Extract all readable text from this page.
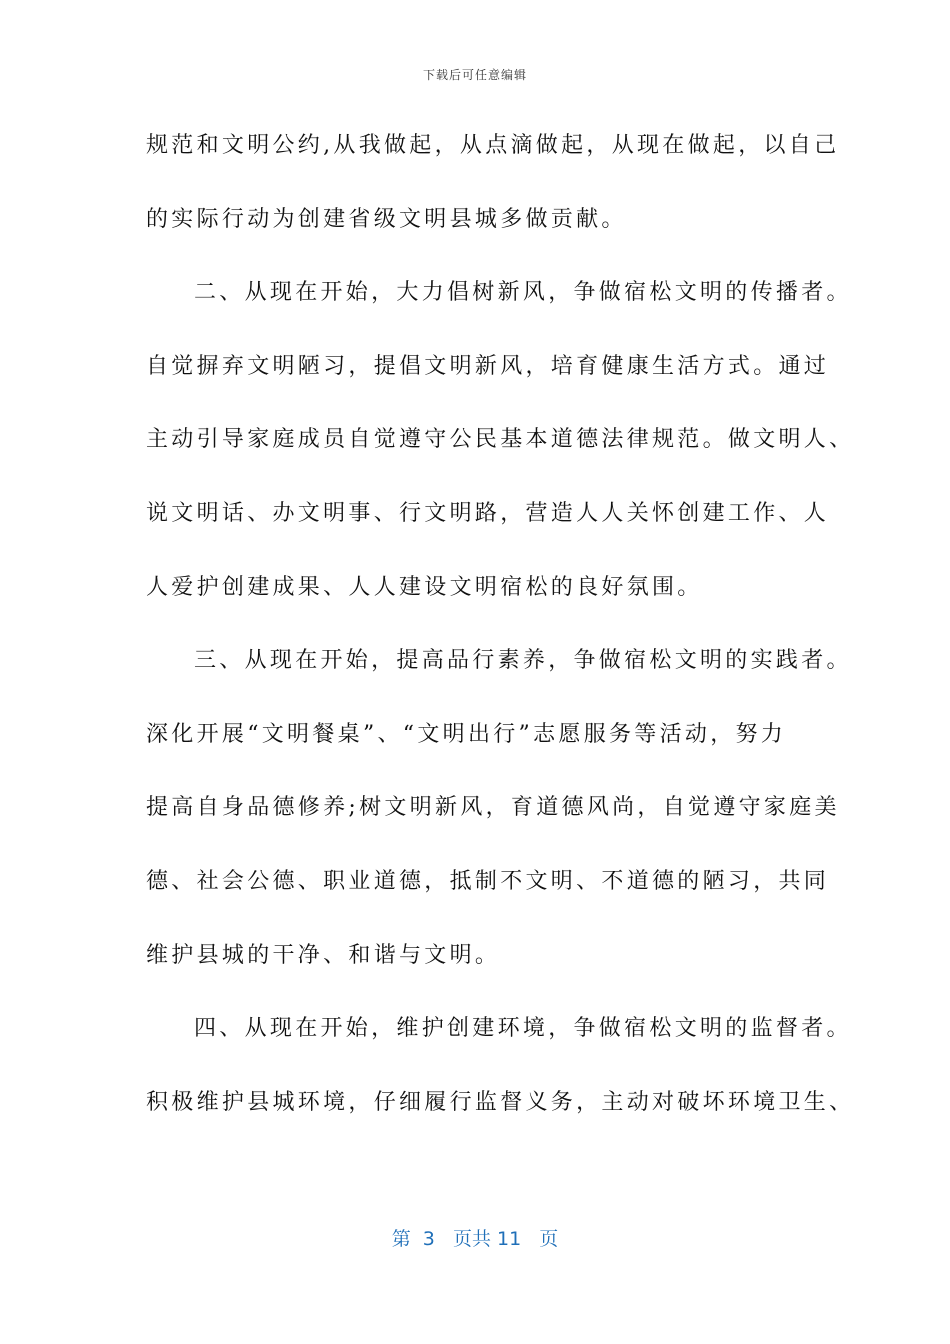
下载后可任意编辑
规范和文明公约,从我做起，从点滴做起，从现在做起，以自己
的实际行动为创建省级文明县城多做贡献。
二、从现在开始，大力倡树新风，争做宿松文明的传播者。
自觉摒弃文明陋习，提倡文明新风，培育健康生活方式。通过
主动引导家庭成员自觉遵守公民基本道德法律规范。做文明人、
说文明话、办文明事、行文明路，营造人人关怀创建工作、人
人爱护创建成果、人人建设文明宿松的良好氛围。
三、从现在开始，提高品行素养，争做宿松文明的实践者。
深化开展“文明餐桌”、“文明出行”志愿服务等活动，努力
提高自身品德修养;树文明新风，育道德风尚，自觉遵守家庭美
德、社会公德、职业道德，抵制不文明、不道德的陋习，共同
维护县城的干净、和谐与文明。
四、从现在开始，维护创建环境，争做宿松文明的监督者。
积极维护县城环境，仔细履行监督义务，主动对破坏环境卫生、
第  3   页共 11   页
